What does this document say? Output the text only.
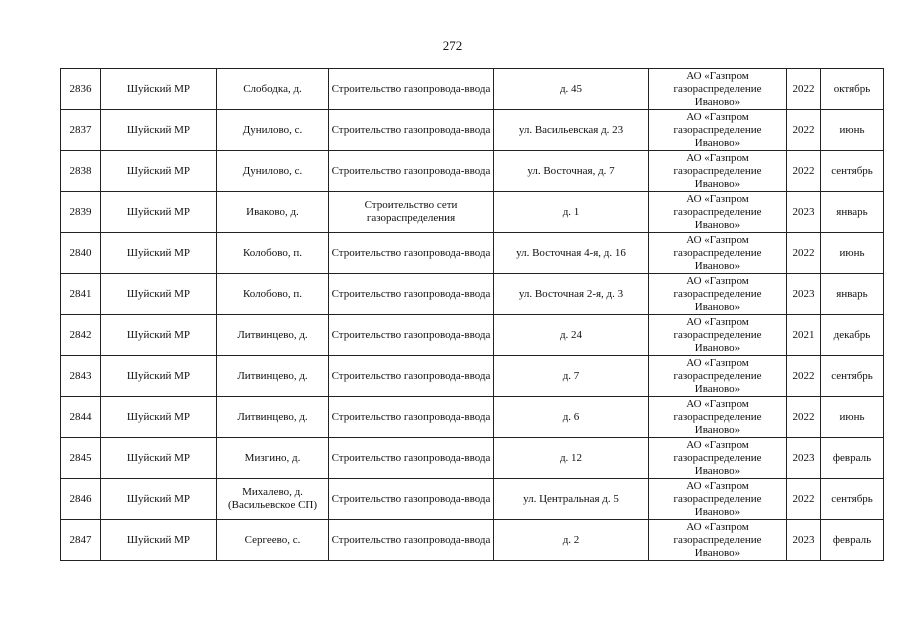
272
2836	Шуйский МР	Слободка, д.	Строительство газопровода-ввода	д. 45	АО «Газпром газораспределение Иваново»	2022	октябрь
2837	Шуйский МР	Дунилово, с.	Строительство газопровода-ввода	ул. Васильевская д. 23	АО «Газпром газораспределение Иваново»	2022	июнь
2838	Шуйский МР	Дунилово, с.	Строительство газопровода-ввода	ул. Восточная, д. 7	АО «Газпром газораспределение Иваново»	2022	сентябрь
2839	Шуйский МР	Иваково, д.	Строительство сети газораспределения	д. 1	АО «Газпром газораспределение Иваново»	2023	январь
2840	Шуйский МР	Колобово, п.	Строительство газопровода-ввода	ул. Восточная 4-я, д. 16	АО «Газпром газораспределение Иваново»	2022	июнь
2841	Шуйский МР	Колобово, п.	Строительство газопровода-ввода	ул. Восточная 2-я, д. 3	АО «Газпром газораспределение Иваново»	2023	январь
2842	Шуйский МР	Литвинцево, д.	Строительство газопровода-ввода	д. 24	АО «Газпром газораспределение Иваново»	2021	декабрь
2843	Шуйский МР	Литвинцево, д.	Строительство газопровода-ввода	д. 7	АО «Газпром газораспределение Иваново»	2022	сентябрь
2844	Шуйский МР	Литвинцево, д.	Строительство газопровода-ввода	д. 6	АО «Газпром газораспределение Иваново»	2022	июнь
2845	Шуйский МР	Мизгино, д.	Строительство газопровода-ввода	д. 12	АО «Газпром газораспределение Иваново»	2023	февраль
2846	Шуйский МР	Михалево, д. (Васильевское СП)	Строительство газопровода-ввода	ул. Центральная д. 5	АО «Газпром газораспределение Иваново»	2022	сентябрь
2847	Шуйский МР	Сергеево, с.	Строительство газопровода-ввода	д. 2	АО «Газпром газораспределение Иваново»	2023	февраль
